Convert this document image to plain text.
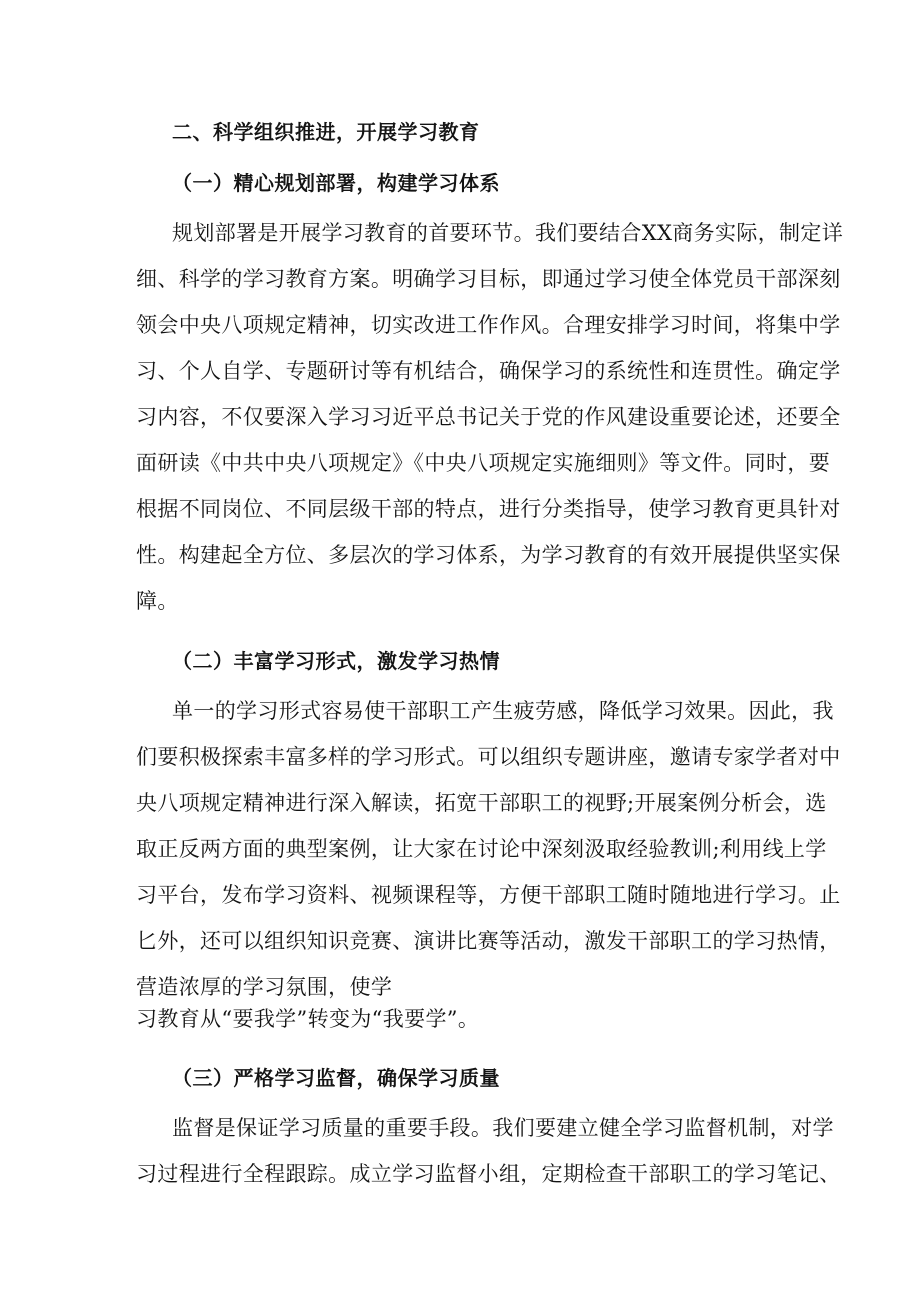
二、科学组织推进，开展学习教育

（一）精心规划部署，构建学习体系

规划部署是开展学习教育的首要环节。我们要结合XX商务实际，制定详

细、科学的学习教育方案。明确学习目标，即通过学习使全体党员干部深刻

领会中央八项规定精神，切实改进工作作风。合理安排学习时间，将集中学

习、个人自学、专题研讨等有机结合，确保学习的系统性和连贯性。确定学

习内容，不仅要深入学习习近平总书记关于党的作风建设重要论述，还要全

面研读《中共中央八项规定》《中央八项规定实施细则》等文件。同时，要

根据不同岗位、不同层级干部的特点，进行分类指导，使学习教育更具针对

性。构建起全方位、多层次的学习体系，为学习教育的有效开展提供坚实保

障。

（二）丰富学习形式，激发学习热情

单一的学习形式容易使干部职工产生疲劳感，降低学习效果。因此，我

们要积极探索丰富多样的学习形式。可以组织专题讲座，邀请专家学者对中

央八项规定精神进行深入解读，拓宽干部职工的视野;开展案例分析会，选

取正反两方面的典型案例，让大家在讨论中深刻汲取经验教训;利用线上学

习平台，发布学习资料、视频课程等，方便干部职工随时随地进行学习。止

匕外，还可以组织知识竞赛、演讲比赛等活动，激发干部职工的学习热情，

营造浓厚的学习氛围，使学

习教育从“要我学”转变为“我要学”。

（三）严格学习监督，确保学习质量

监督是保证学习质量的重要手段。我们要建立健全学习监督机制，对学

习过程进行全程跟踪。成立学习监督小组，定期检查干部职工的学习笔记、
